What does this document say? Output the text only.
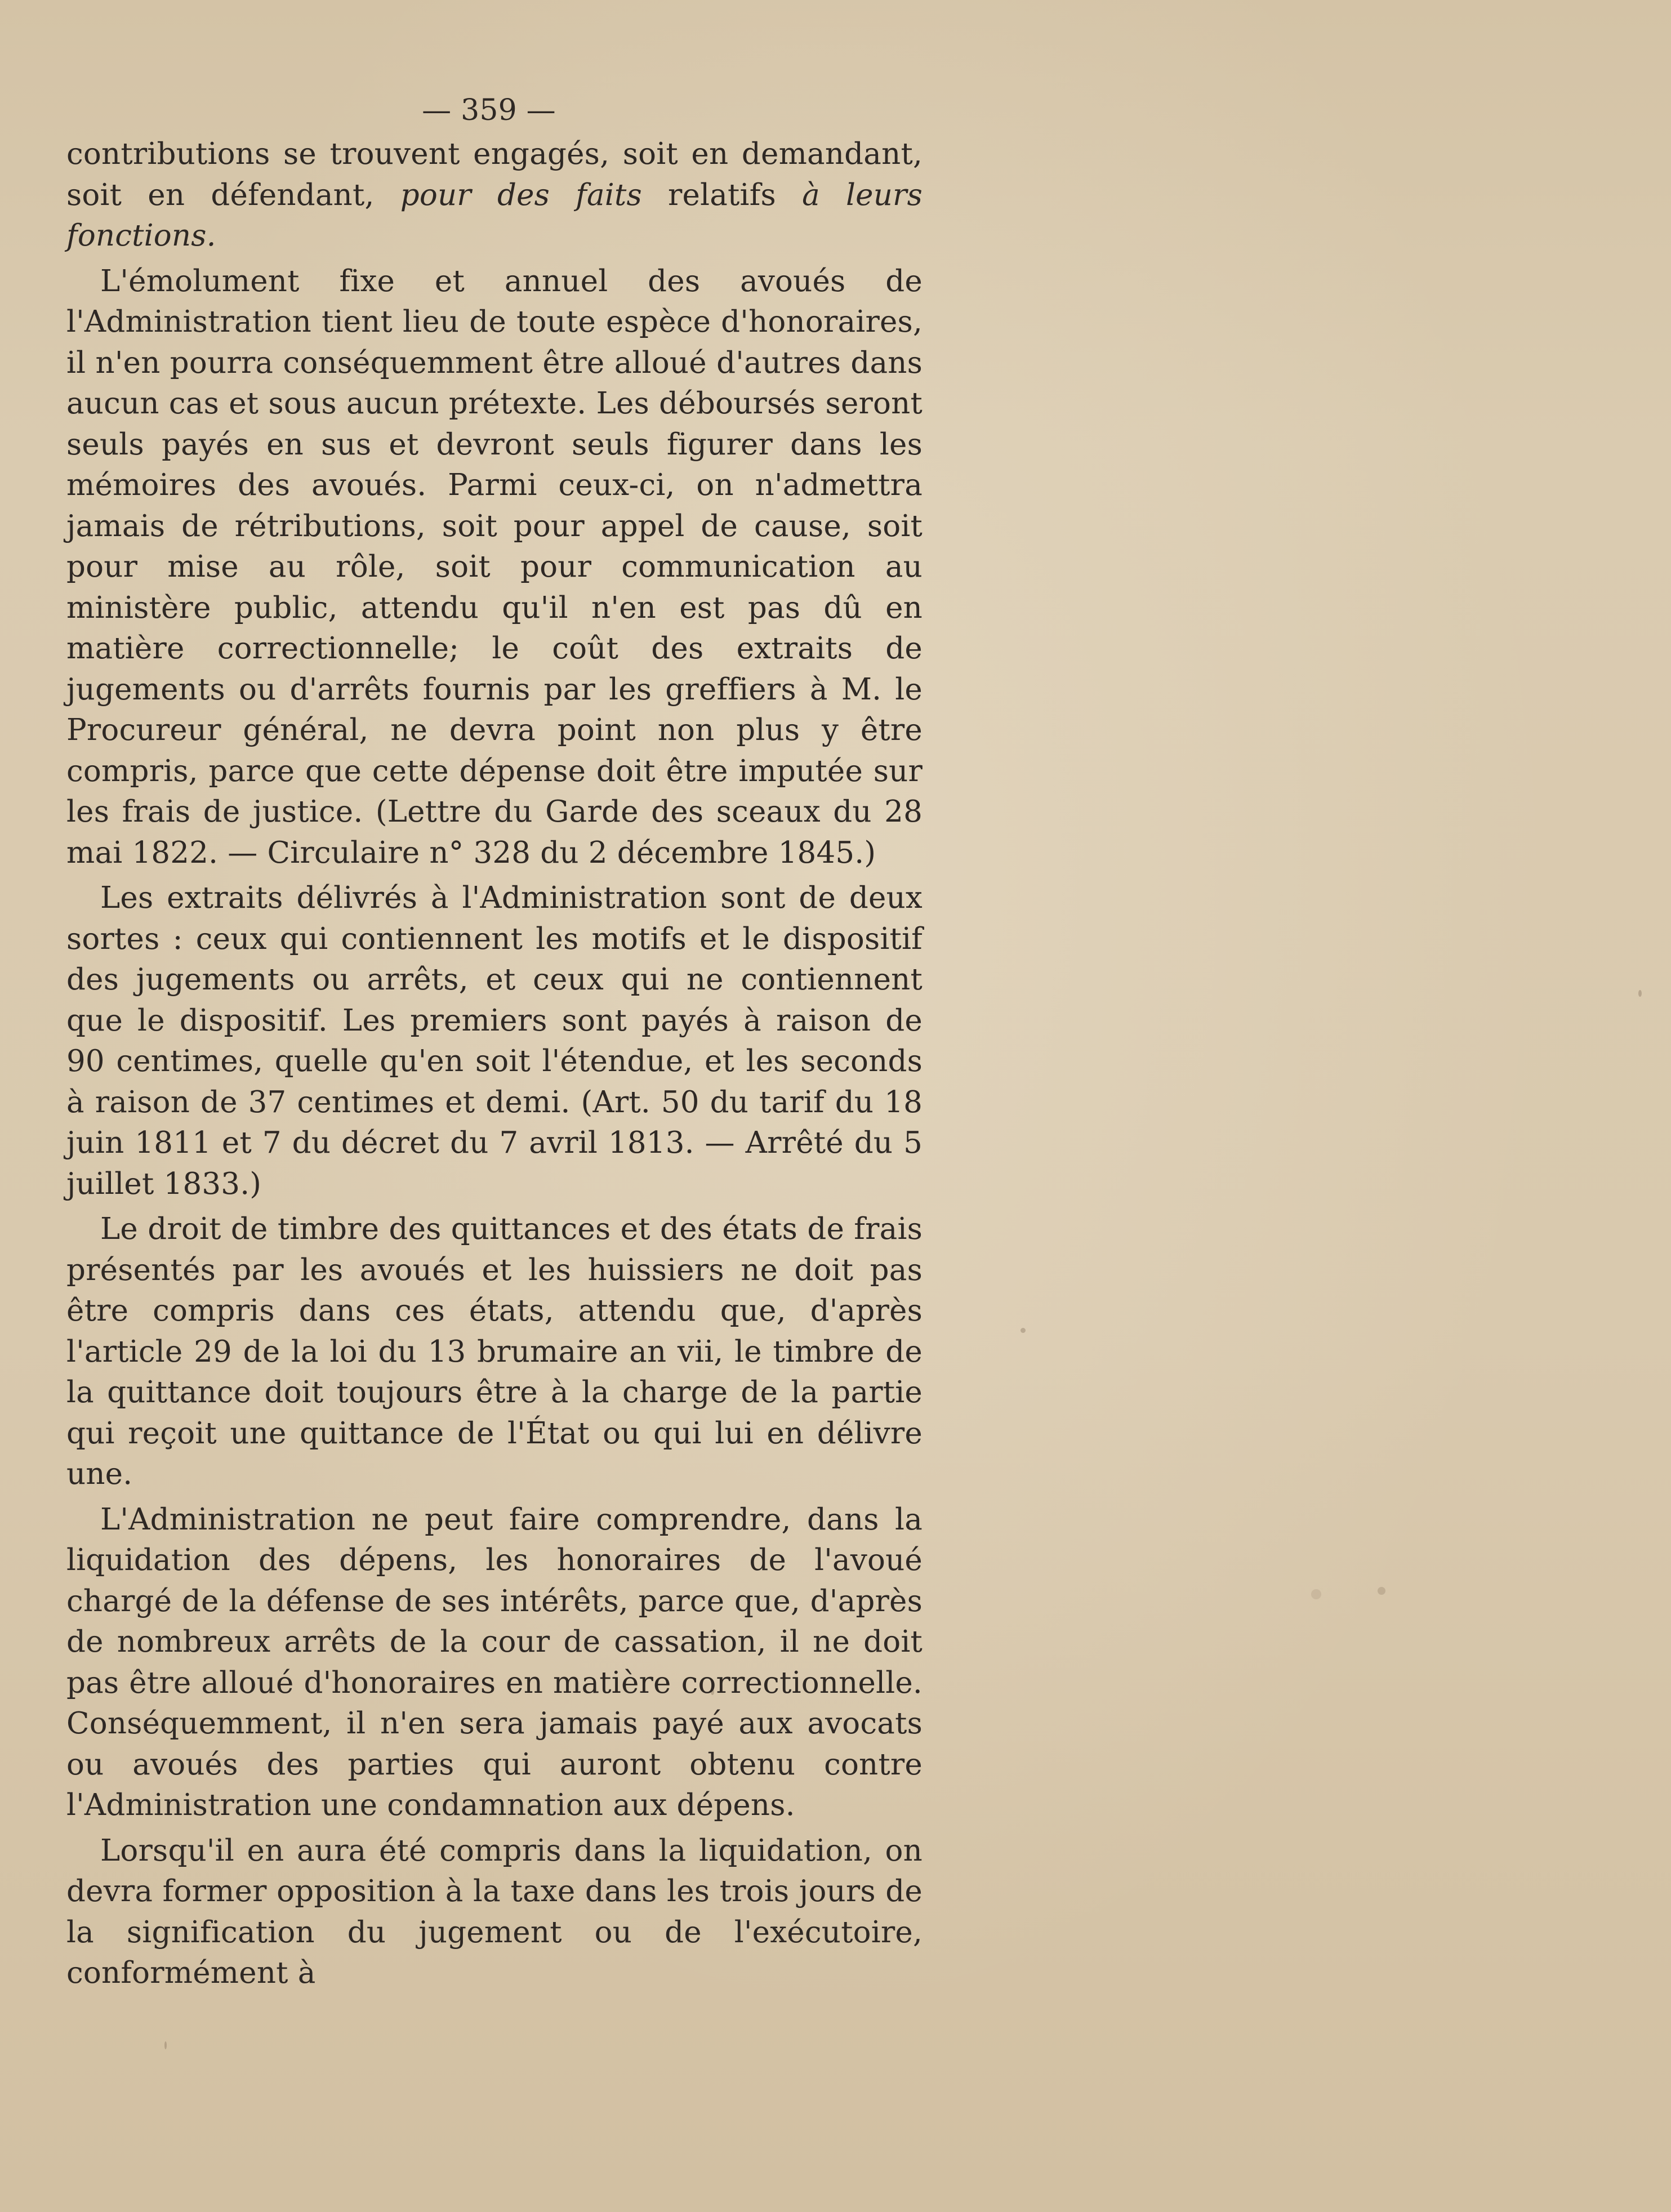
— 359 —

contributions se trouvent engagés, soit en demandant, soit en défendant, pour des faits relatifs à leurs fonctions.

L'émolument fixe et annuel des avoués de l'Administration tient lieu de toute espèce d'honoraires, il n'en pourra conséquemment être alloué d'autres dans aucun cas et sous aucun prétexte. Les déboursés seront seuls payés en sus et devront seuls figurer dans les mémoires des avoués. Parmi ceux-ci, on n'admettra jamais de rétributions, soit pour appel de cause, soit pour mise au rôle, soit pour communication au ministère public, attendu qu'il n'en est pas dû en matière correctionnelle; le coût des extraits de jugements ou d'arrêts fournis par les greffiers à M. le Procureur général, ne devra point non plus y être compris, parce que cette dépense doit être imputée sur les frais de justice. (Lettre du Garde des sceaux du 28 mai 1822. — Circulaire n° 328 du 2 décembre 1845.)

Les extraits délivrés à l'Administration sont de deux sortes : ceux qui contiennent les motifs et le dispositif des jugements ou arrêts, et ceux qui ne contiennent que le dispositif. Les premiers sont payés à raison de 90 centimes, quelle qu'en soit l'étendue, et les seconds à raison de 37 centimes et demi. (Art. 50 du tarif du 18 juin 1811 et 7 du décret du 7 avril 1813. — Arrêté du 5 juillet 1833.)

Le droit de timbre des quittances et des états de frais présentés par les avoués et les huissiers ne doit pas être compris dans ces états, attendu que, d'après l'article 29 de la loi du 13 brumaire an vii, le timbre de la quittance doit toujours être à la charge de la partie qui reçoit une quittance de l'État ou qui lui en délivre une.

L'Administration ne peut faire comprendre, dans la liquidation des dépens, les honoraires de l'avoué chargé de la défense de ses intérêts, parce que, d'après de nombreux arrêts de la cour de cassation, il ne doit pas être alloué d'honoraires en matière correctionnelle. Conséquemment, il n'en sera jamais payé aux avocats ou avoués des parties qui auront obtenu contre l'Administration une condamnation aux dépens.

Lorsqu'il en aura été compris dans la liquidation, on devra former opposition à la taxe dans les trois jours de la signification du jugement ou de l'exécutoire, conformément à
